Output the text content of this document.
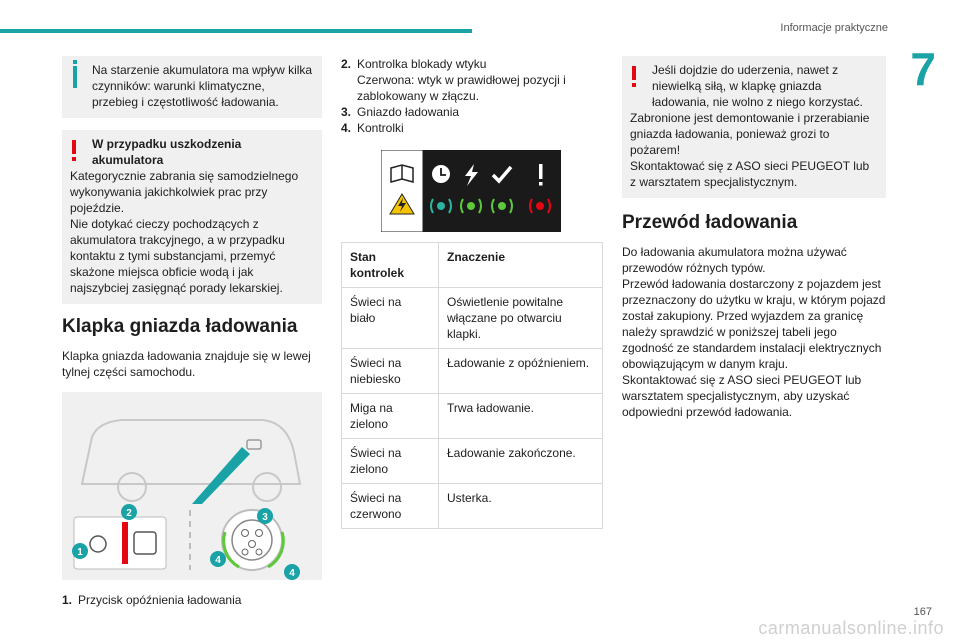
Informacje praktyczne
7
Na starzenie akumulatora ma wpływ kilka czynników: warunki klimatyczne, przebieg i częstotliwość ładowania.
W przypadku uszkodzenia akumulatora
Kategorycznie zabrania się samodzielnego wykonywania jakichkolwiek prac przy pojeździe.
Nie dotykać cieczy pochodzących z akumulatora trakcyjnego, a w przypadku kontaktu z tymi substancjami, przemyć skażone miejsca obficie wodą i jak najszybciej zasięgnąć porady lekarskiej.
Klapka gniazda ładowania
Klapka gniazda ładowania znajduje się w lewej tylnej części samochodu.
1
2	3
4
4
1. Przycisk opóźnienia ładowania
2. Kontrolka blokady wtyku
Czerwona: wtyk w prawidłowej pozycji i zablokowany w złączu.
3. Gniazdo ładowania
4. Kontrolki
Stan kontrolek	Znaczenie
Świeci na biało	Oświetlenie powitalne włączane po otwarciu klapki.
Świeci na niebiesko	Ładowanie z opóźnieniem.
Miga na zielono	Trwa ładowanie.
Świeci na zielono	Ładowanie zakończone.
Świeci na czerwono	Usterka.
Jeśli dojdzie do uderzenia, nawet z niewielką siłą, w klapkę gniazda ładowania, nie wolno z niego korzystać.
Zabronione jest demontowanie i przerabianie gniazda ładowania, ponieważ grozi to pożarem!
Skontaktować się z ASO sieci PEUGEOT lub z warsztatem specjalistycznym.
Przewód ładowania
Do ładowania akumulatora można używać przewodów różnych typów.
Przewód ładowania dostarczony z pojazdem jest przeznaczony do użytku w kraju, w którym pojazd został zakupiony. Przed wyjazdem za granicę należy sprawdzić w poniższej tabeli jego zgodność ze standardem instalacji elektrycznych obowiązującym w danym kraju.
Skontaktować się z ASO sieci PEUGEOT lub warsztatem specjalistycznym, aby uzyskać odpowiedni przewód ładowania.
167
carmanualsonline.info
